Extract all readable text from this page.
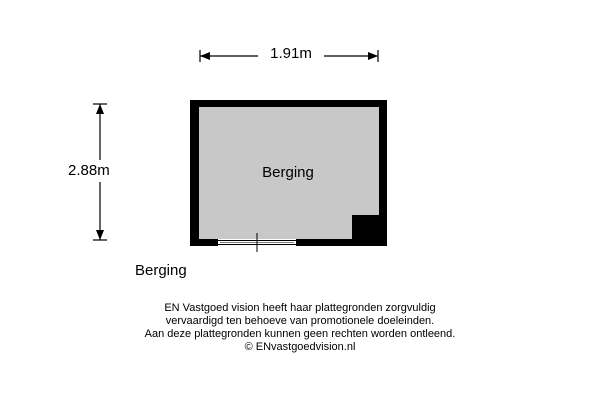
1.91m
2.88m	Berging
Berging
EN Vastgoed vision heeft haar plattegronden zorgvuldig
vervaardigd ten behoeve van promotionele doeleinden.
Aan deze plattegronden kunnen geen rechten worden ontleend.
© ENvastgoedvision.nl
